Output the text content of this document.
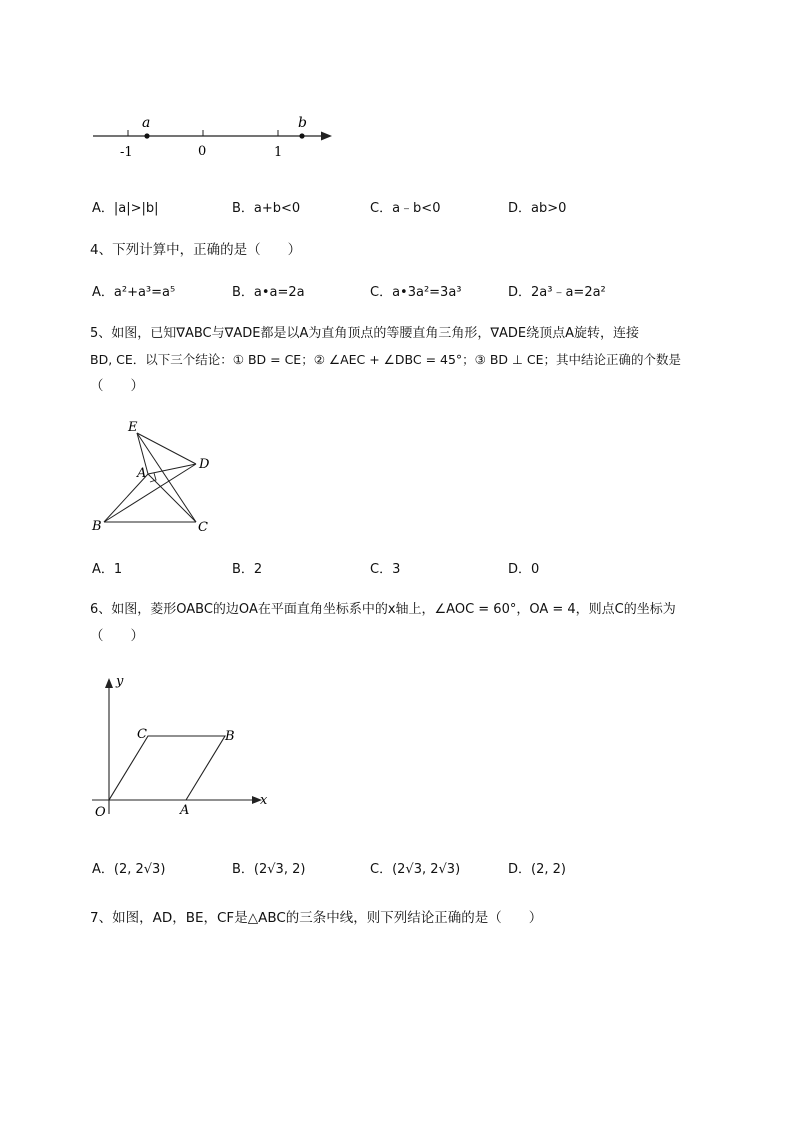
a	b
-1	0	1
A．|a|>|b|	B．a+b<0	C．a﹣b<0	D．ab>0
4、下列计算中，正确的是（　　）
A．a²+a³=a⁵	B．a•a=2a	C．a•3a²=3a³	D．2a³﹣a=2a²
5、如图，已知∇ABC与∇ADE都是以A为直角顶点的等腰直角三角形，∇ADE绕顶点A旋转，连接
BD, CE．以下三个结论：① BD = CE；② ∠AEC + ∠DBC = 45°；③ BD ⊥ CE；其中结论正确的个数是
（　　）
E
D
A
B	C
A．1	B．2	C．3	D．0
6、如图，菱形OABC的边OA在平面直角坐标系中的x轴上，∠AOC = 60°，OA = 4，则点C的坐标为
（　　）
y
x
O	A
B
C
A．(2, 2√3)	B．(2√3, 2)	C．(2√3, 2√3)	D．(2, 2)
7、如图，AD，BE，CF是△ABC的三条中线，则下列结论正确的是（　　）
